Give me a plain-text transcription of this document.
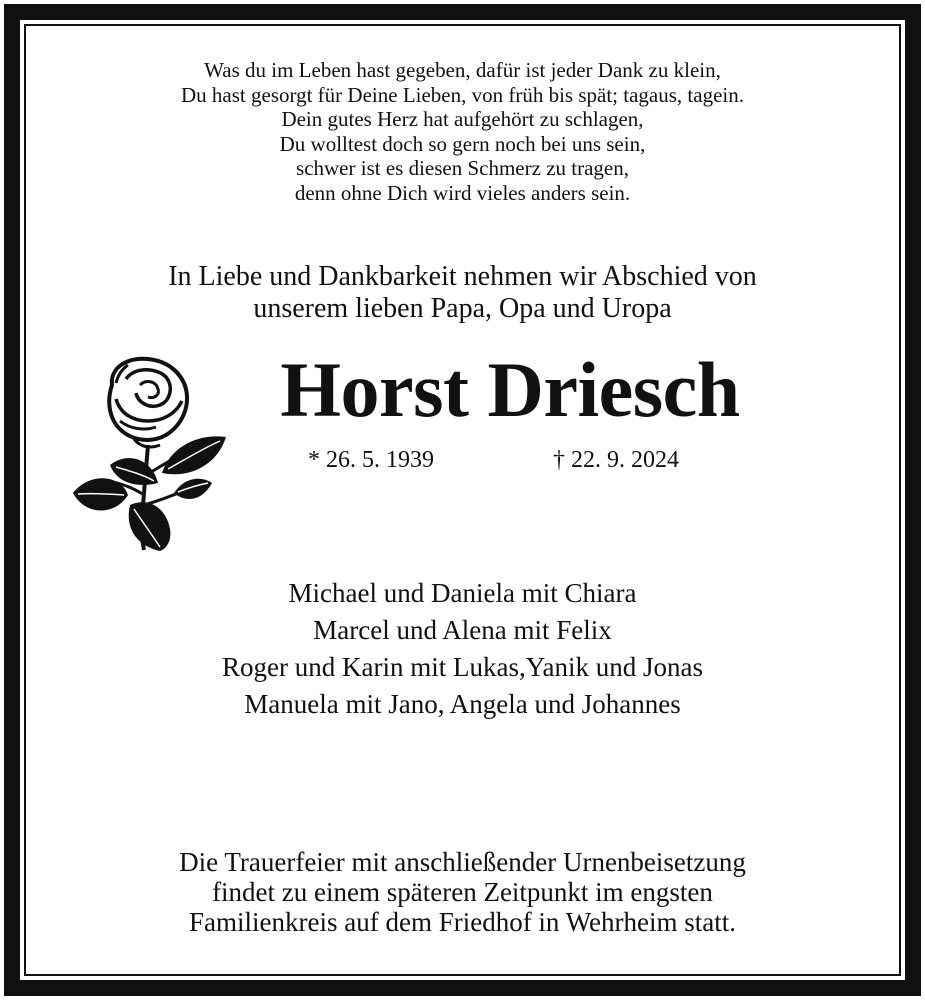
Was du im Leben hast gegeben, dafür ist jeder Dank zu klein,
Du hast gesorgt für Deine Lieben, von früh bis spät; tagaus, tagein.
Dein gutes Herz hat aufgehört zu schlagen,
Du wolltest doch so gern noch bei uns sein,
schwer ist es diesen Schmerz zu tragen,
denn ohne Dich wird vieles anders sein.
In Liebe und Dankbarkeit nehmen wir Abschied von
unserem lieben Papa, Opa und Uropa
Horst Driesch
* 26. 5. 1939	† 22. 9. 2024
Michael und Daniela mit Chiara
Marcel und Alena mit Felix
Roger und Karin mit Lukas,Yanik und Jonas
Manuela mit Jano, Angela und Johannes
Die Trauerfeier mit anschließender Urnenbeisetzung
findet zu einem späteren Zeitpunkt im engsten
Familienkreis auf dem Friedhof in Wehrheim statt.
